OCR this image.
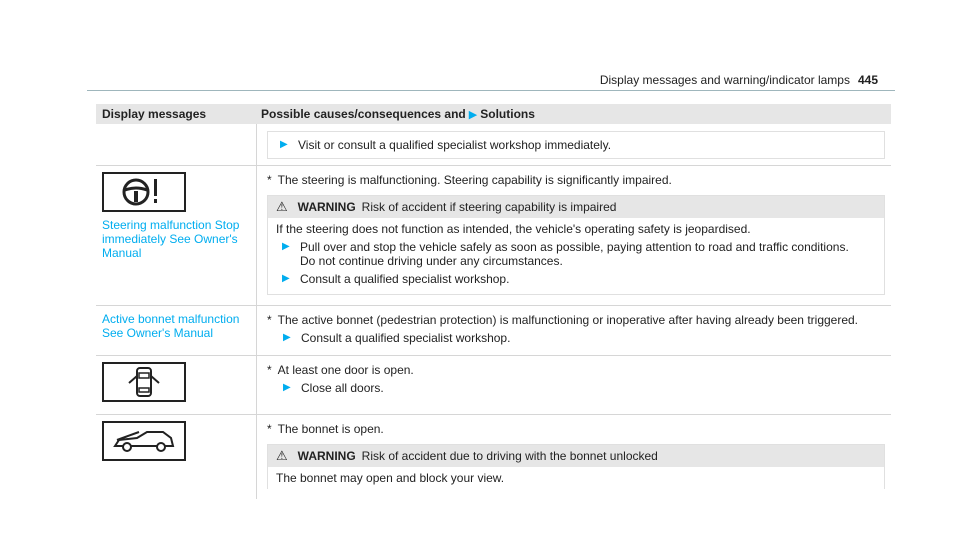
Display messages and warning/indicator lamps 445
Display messages	Possible causes/consequences and ▶ Solutions
▶ Visit or consult a qualified specialist workshop immediately.
Steering malfunction Stop immediately See Owner's Manual
* The steering is malfunctioning. Steering capability is significantly impaired.
⚠ WARNING Risk of accident if steering capability is impaired
If the steering does not function as intended, the vehicle's operating safety is jeopardised.
▶ Pull over and stop the vehicle safely as soon as possible, paying attention to road and traffic conditions.
Do not continue driving under any circumstances.
▶ Consult a qualified specialist workshop.
Active bonnet malfunction See Owner's Manual
* The active bonnet (pedestrian protection) is malfunctioning or inoperative after having already been triggered.
▶ Consult a qualified specialist workshop.
* At least one door is open.
▶ Close all doors.
* The bonnet is open.
⚠ WARNING Risk of accident due to driving with the bonnet unlocked
The bonnet may open and block your view.
